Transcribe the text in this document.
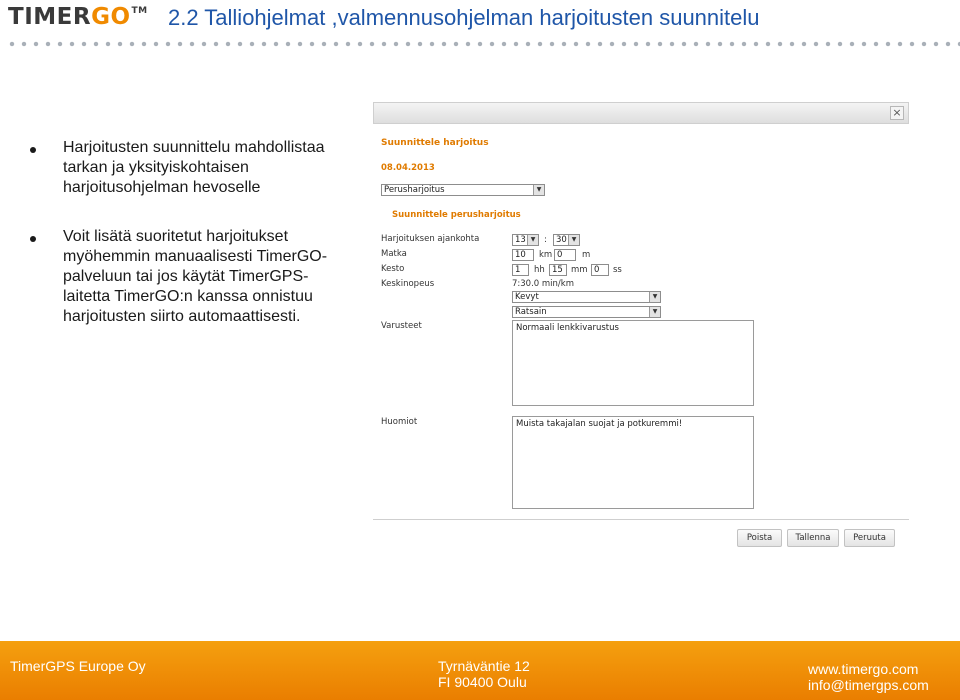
TIMERGO™ 2.2 Talliohjelmat ,valmennusohjelman harjoitusten suunnitelu
Harjoitusten suunnittelu mahdollistaa tarkan ja yksityiskohtaisen harjoitusohjelman hevoselle
Voit lisätä suoritetut harjoitukset myöhemmin manuaalisesti TimerGO-palveluun tai jos käytät TimerGPS-laitetta TimerGO:n kanssa onnistuu harjoitusten siirto automaattisesti.
×
Suunnittele harjoitus
08.04.2013
Perusharjoitus	▼
Suunnittele perusharjoitus
Harjoituksen ajankohta	13 ▼	:	30 ▼
Matka	10	km 0	m
Kesto	1	hh 15 mm 0	ss
Keskinopeus	7:30.0 min/km
Kevyt	▼
Ratsain	▼
Varusteet	Normaali lenkkivarustus
Huomiot	Muista takajalan suojat ja potkuremmi!
Poista	Tallenna	Peruuta
TimerGPS Europe Oy	Tyrnäväntie 12
FI 90400 Oulu
www.timergo.com
info@timergps.com
